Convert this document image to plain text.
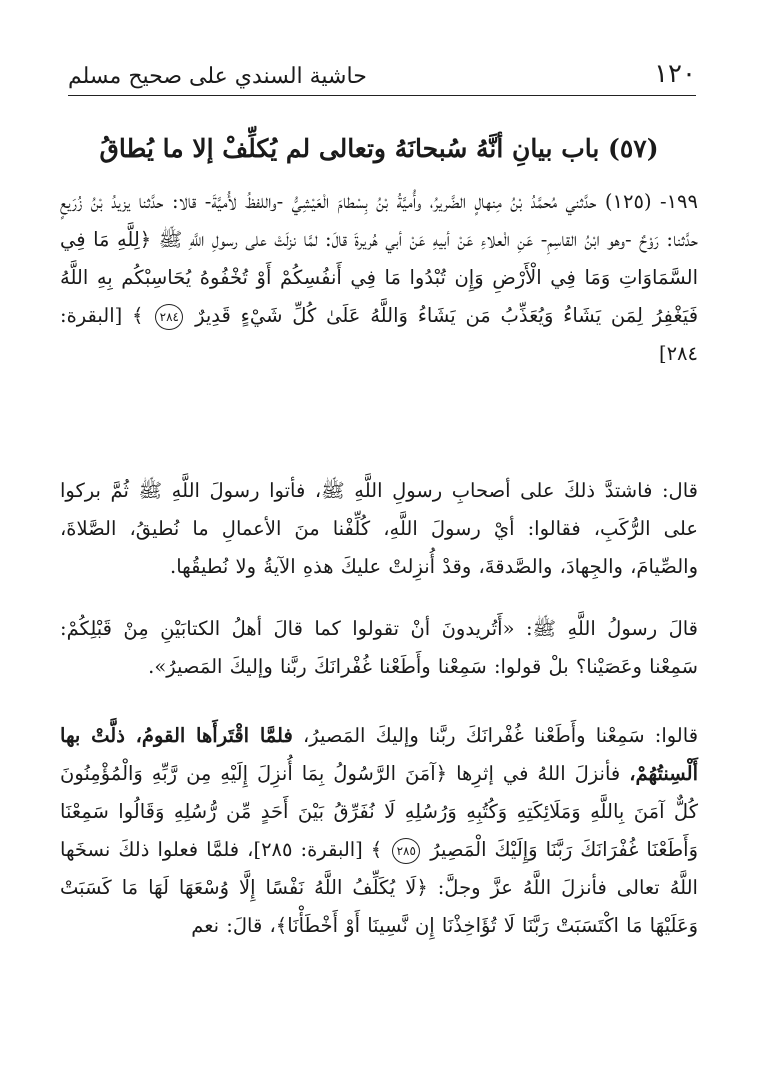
١٢٠
حاشية السندي على صحيح مسلم
(٥٧) باب بيانِ أنَّهُ سُبحانَهُ وتعالى لم يُكلِّفْ إلا ما يُطاقُ
١٩٩- (١٢٥) حدَّثني مُحمَّدُ بْنُ مِنهالٍ الضَّريرُ، وأُميَّةُ بْنُ بِسْطامَ الْعَيْشِيُّ -واللفظُ لأُميَّةَ- قالا: حدَّثنا يزيدُ بْنُ زُرَيعٍ حدَّثنا: رَوْحٌ -وهو ابْنُ القاسِمِ- عَنِ الْعلاءِ عَنْ أبيهِ عَنْ أبي هُريرةَ قالَ: لمَّا نزلَتْ على رسولِ اللَّهِ ﷺ ﴿لِلَّهِ مَا فِي السَّمَاوَاتِ وَمَا فِي الْأَرْضِ وَإِن تُبْدُوا مَا فِي أَنفُسِكُمْ أَوْ تُخْفُوهُ يُحَاسِبْكُم بِهِ اللَّهُ فَيَغْفِرُ لِمَن يَشَاءُ وَيُعَذِّبُ مَن يَشَاءُ وَاللَّهُ عَلَىٰ كُلِّ شَيْءٍ قَدِيرٌ ٢٨٤ ﴾ [البقرة: ٢٨٤]
قال: فاشتدَّ ذلكَ على أصحابِ رسولِ اللَّهِ ﷺ، فأتوا رسولَ اللَّهِ ﷺ ثُمَّ بركوا على الرُّكَبِ، فقالوا: أيْ رسولَ اللَّهِ، كُلِّفْنا منَ الأعمالِ ما نُطيقُ، الصَّلاةَ، والصِّيامَ، والجِهادَ، والصَّدقةَ، وقدْ أُنزِلتْ عليكَ هذهِ الآيةُ ولا نُطيقُها.
قالَ رسولُ اللَّهِ ﷺ: «أَتُريدونَ أنْ تقولوا كما قالَ أهلُ الكتابَيْنِ مِنْ قَبْلِكُمْ: سَمِعْنا وعَصَيْنا؟ بلْ قولوا: سَمِعْنا وأَطَعْنا غُفْرانَكَ ربَّنا وإليكَ المَصيرُ».
قالوا: سَمِعْنا وأَطَعْنا غُفْرانَكَ ربَّنا وإليكَ المَصيرُ، فلمَّا اقْتَرأَها القومُ، ذلَّتْ بها أَلْسِنتُهُمْ، فأنزلَ اللهُ في إثرِها ﴿آمَنَ الرَّسُولُ بِمَا أُنزِلَ إِلَيْهِ مِن رَّبِّهِ وَالْمُؤْمِنُونَ كُلٌّ آمَنَ بِاللَّهِ وَمَلَائِكَتِهِ وَكُتُبِهِ وَرُسُلِهِ لَا نُفَرِّقُ بَيْنَ أَحَدٍ مِّن رُّسُلِهِ وَقَالُوا سَمِعْنَا وَأَطَعْنَا غُفْرَانَكَ رَبَّنَا وَإِلَيْكَ الْمَصِيرُ ٢٨٥ ﴾ [البقرة: ٢٨٥]، فلمَّا فعلوا ذلكَ نسخَها اللَّهُ تعالى فأنزلَ اللَّهُ عزَّ وجلَّ: ﴿لَا يُكَلِّفُ اللَّهُ نَفْسًا إِلَّا وُسْعَهَا لَهَا مَا كَسَبَتْ وَعَلَيْهَا مَا اكْتَسَبَتْ رَبَّنَا لَا تُؤَاخِذْنَا إِن نَّسِينَا أَوْ أَخْطَأْنَا﴾، قالَ: نعم
